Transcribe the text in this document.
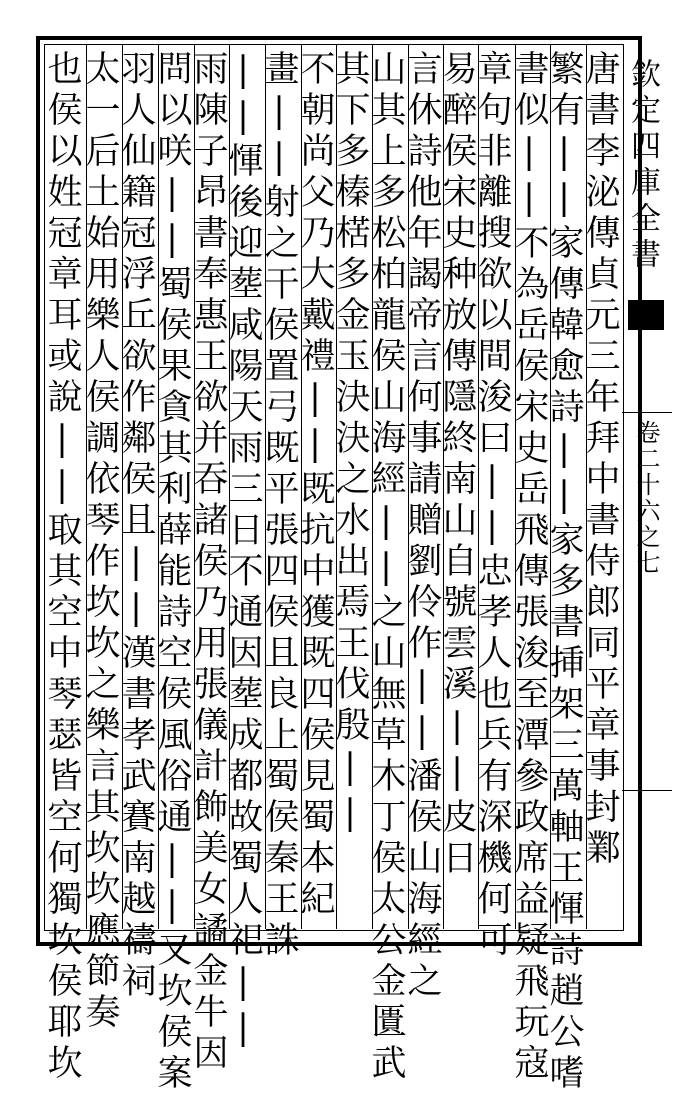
唐書李泌傳貞元三年拜中書侍郎同平章事封鄴
繁有||家傳韓愈詩||家多書挿架三萬軸王惲詩趙公嗜
書似||不為岳侯宋史岳飛傳張浚至潭參政席益疑飛玩寇
章句非離搜欲以間浚曰||忠孝人也兵有深機何可
易醉侯宋史种放傳隱終南山自號雲溪||皮日
言休詩他年謁帝言何事請贈劉伶作||潘侯山海經之
山其上多松柏龍侯山海經||之山無草木丁侯太公金匱武
其下多榛楛多金玉決決之水出焉王伐殷||
不朝尚父乃大戴禮||既抗中獲既四侯見蜀本紀
畫||射之干侯置弓既平張四侯且良上蜀侯秦王誅
||惲後迎塟咸陽天雨三日不通因塟成都故蜀人祀||
雨陳子昂書奉惠王欲并吞諸侯乃用張儀計飾美女譎金牛因
問以咲||蜀侯果貪其利薛能詩空侯風俗通||又坎侯案
羽人仙籍冠浮丘欲作鄰侯且||漢書孝武賽南越禱祠
太一后土始用樂人侯調依琴作坎坎之樂言其坎坎應節奏
也侯以姓冠章耳或說||取其空中琴瑟皆空何獨坎侯耶坎	欽定四庫全書
卷二十六之七
